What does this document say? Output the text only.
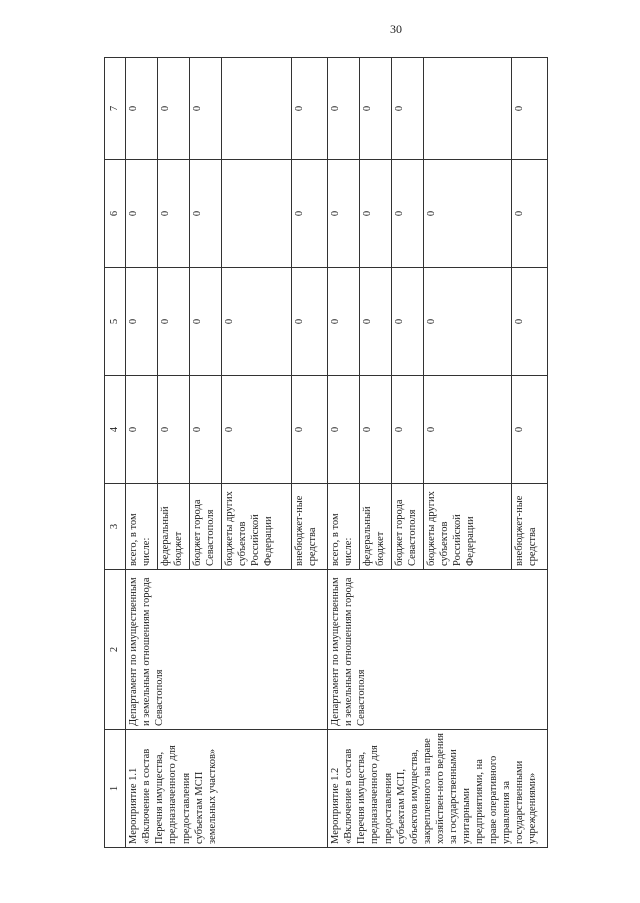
30
1	2	3	4	5	6	7
Мероприятие 1.1 «Включение в состав Перечня имущества, предназначенного для предоставления субъектам МСП земельных участков»	Департамент по имущественным и земельным отношениям города Севастополя	всего, в том числе:	0	0	0	0
		федеральный бюджет	0	0	0	0
		бюджет города Севастополя	0	0	0	0
		бюджеты других субъектов Российской Федерации	0	0		
		внебюджет-ные средства	0	0	0	0
Мероприятие 1.2 «Включение в состав Перечня имущества, предназначенного для предоставления субъектам МСП, объектов имущества, закрепленного на праве хозяйствен-ного ведения за государственными унитарными предприятиями, на праве оперативного управления за государственными учреждениями»	Департамент по имущественным и земельным отношениям города Севастополя	всего, в том числе:	0	0	0	0
		федеральный бюджет	0	0	0	0
		бюджет города Севастополя	0	0	0	0
		бюджеты других субъектов Российской Федерации	0	0	0	
		внебюджет-ные средства	0	0	0	0
